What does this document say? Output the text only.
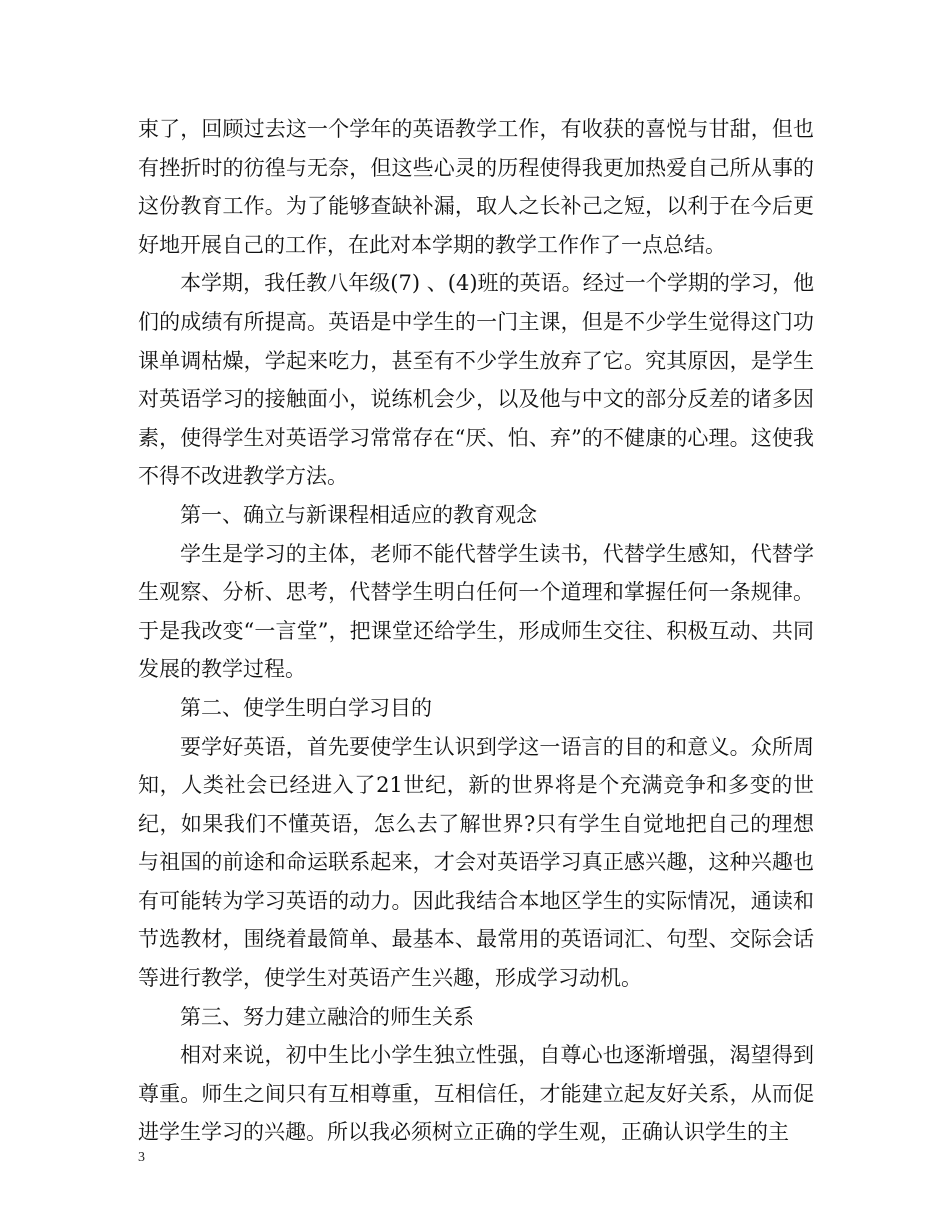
束了，回顾过去这一个学年的英语教学工作，有收获的喜悦与甘甜，但也有挫折时的彷徨与无奈，但这些心灵的历程使得我更加热爱自己所从事的这份教育工作。为了能够查缺补漏，取人之长补己之短，以利于在今后更好地开展自己的工作，在此对本学期的教学工作作了一点总结。

本学期，我任教八年级(7) 、(4)班的英语。经过一个学期的学习，他们的成绩有所提高。英语是中学生的一门主课，但是不少学生觉得这门功课单调枯燥，学起来吃力，甚至有不少学生放弃了它。究其原因，是学生对英语学习的接触面小，说练机会少，以及他与中文的部分反差的诸多因素，使得学生对英语学习常常存在“厌、怕、弃”的不健康的心理。这使我不得不改进教学方法。

第一、确立与新课程相适应的教育观念

学生是学习的主体，老师不能代替学生读书，代替学生感知，代替学生观察、分析、思考，代替学生明白任何一个道理和掌握任何一条规律。于是我改变“一言堂”，把课堂还给学生，形成师生交往、积极互动、共同发展的教学过程。

第二、使学生明白学习目的

要学好英语，首先要使学生认识到学这一语言的目的和意义。众所周知，人类社会已经进入了21世纪，新的世界将是个充满竞争和多变的世纪，如果我们不懂英语，怎么去了解世界?只有学生自觉地把自己的理想与祖国的前途和命运联系起来，才会对英语学习真正感兴趣，这种兴趣也有可能转为学习英语的动力。因此我结合本地区学生的实际情况，通读和节选教材，围绕着最简单、最基本、最常用的英语词汇、句型、交际会话等进行教学，使学生对英语产生兴趣，形成学习动机。

第三、努力建立融洽的师生关系

相对来说，初中生比小学生独立性强，自尊心也逐渐增强，渴望得到尊重。师生之间只有互相尊重，互相信任，才能建立起友好关系，从而促进学生学习的兴趣。所以我必须树立正确的学生观，正确认识学生的主

3
